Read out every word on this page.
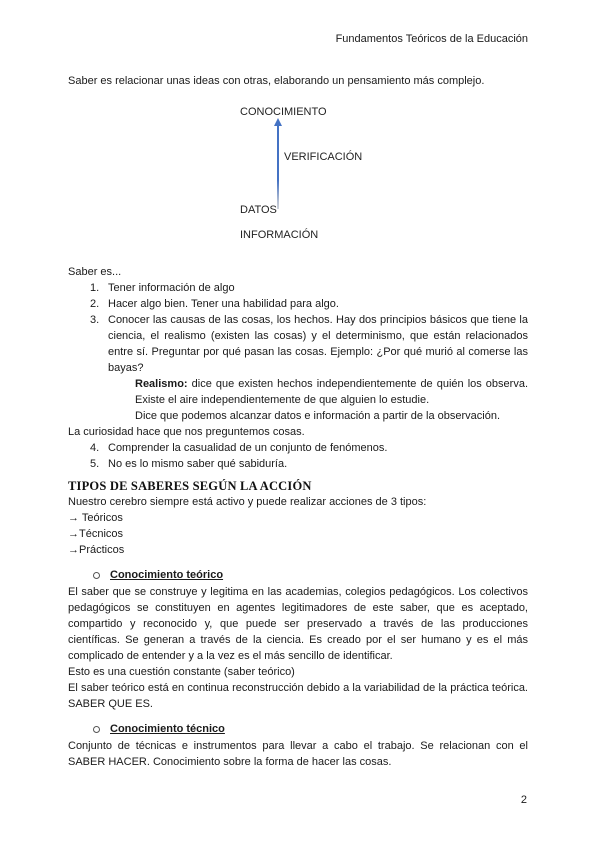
Fundamentos Teóricos de la Educación

Saber es relacionar unas ideas con otras, elaborando un pensamiento más complejo.

CONOCIMIENTO
VERIFICACIÓN
DATOS
INFORMACIÓN

Saber es...

1. Tener información de algo
2. Hacer algo bien. Tener una habilidad para algo.
3. Conocer las causas de las cosas, los hechos. Hay dos principios básicos que tiene la ciencia, el realismo (existen las cosas) y el determinismo, que están relacionados entre sí. Preguntar por qué pasan las cosas. Ejemplo: ¿Por qué murió al comerse las bayas?

Realismo: dice que existen hechos independientemente de quién los observa. Existe el aire independientemente de que alguien lo estudie.

Dice que podemos alcanzar datos e información a partir de la observación.

La curiosidad hace que nos preguntemos cosas.

4. Comprender la casualidad de un conjunto de fenómenos.
5. No es lo mismo saber qué sabiduría.
TIPOS DE SABERES SEGÚN LA ACCIÓN

Nuestro cerebro siempre está activo y puede realizar acciones de 3 tipos:

→ Teóricos

→Técnicos

→Prácticos

Conocimiento teórico

El saber que se construye y legitima en las academias, colegios pedagógicos. Los colectivos pedagógicos se constituyen en agentes legitimadores de este saber, que es aceptado, compartido y reconocido y, que puede ser preservado a través de las producciones científicas. Se generan a través de la ciencia. Es creado por el ser humano y es el más complicado de entender y a la vez es el más sencillo de identificar.

Esto es una cuestión constante (saber teórico)

El saber teórico está en continua reconstrucción debido a la variabilidad de la práctica teórica. SABER QUE ES.

Conocimiento técnico

Conjunto de técnicas e instrumentos para llevar a cabo el trabajo. Se relacionan con el SABER HACER. Conocimiento sobre la forma de hacer las cosas.

2
